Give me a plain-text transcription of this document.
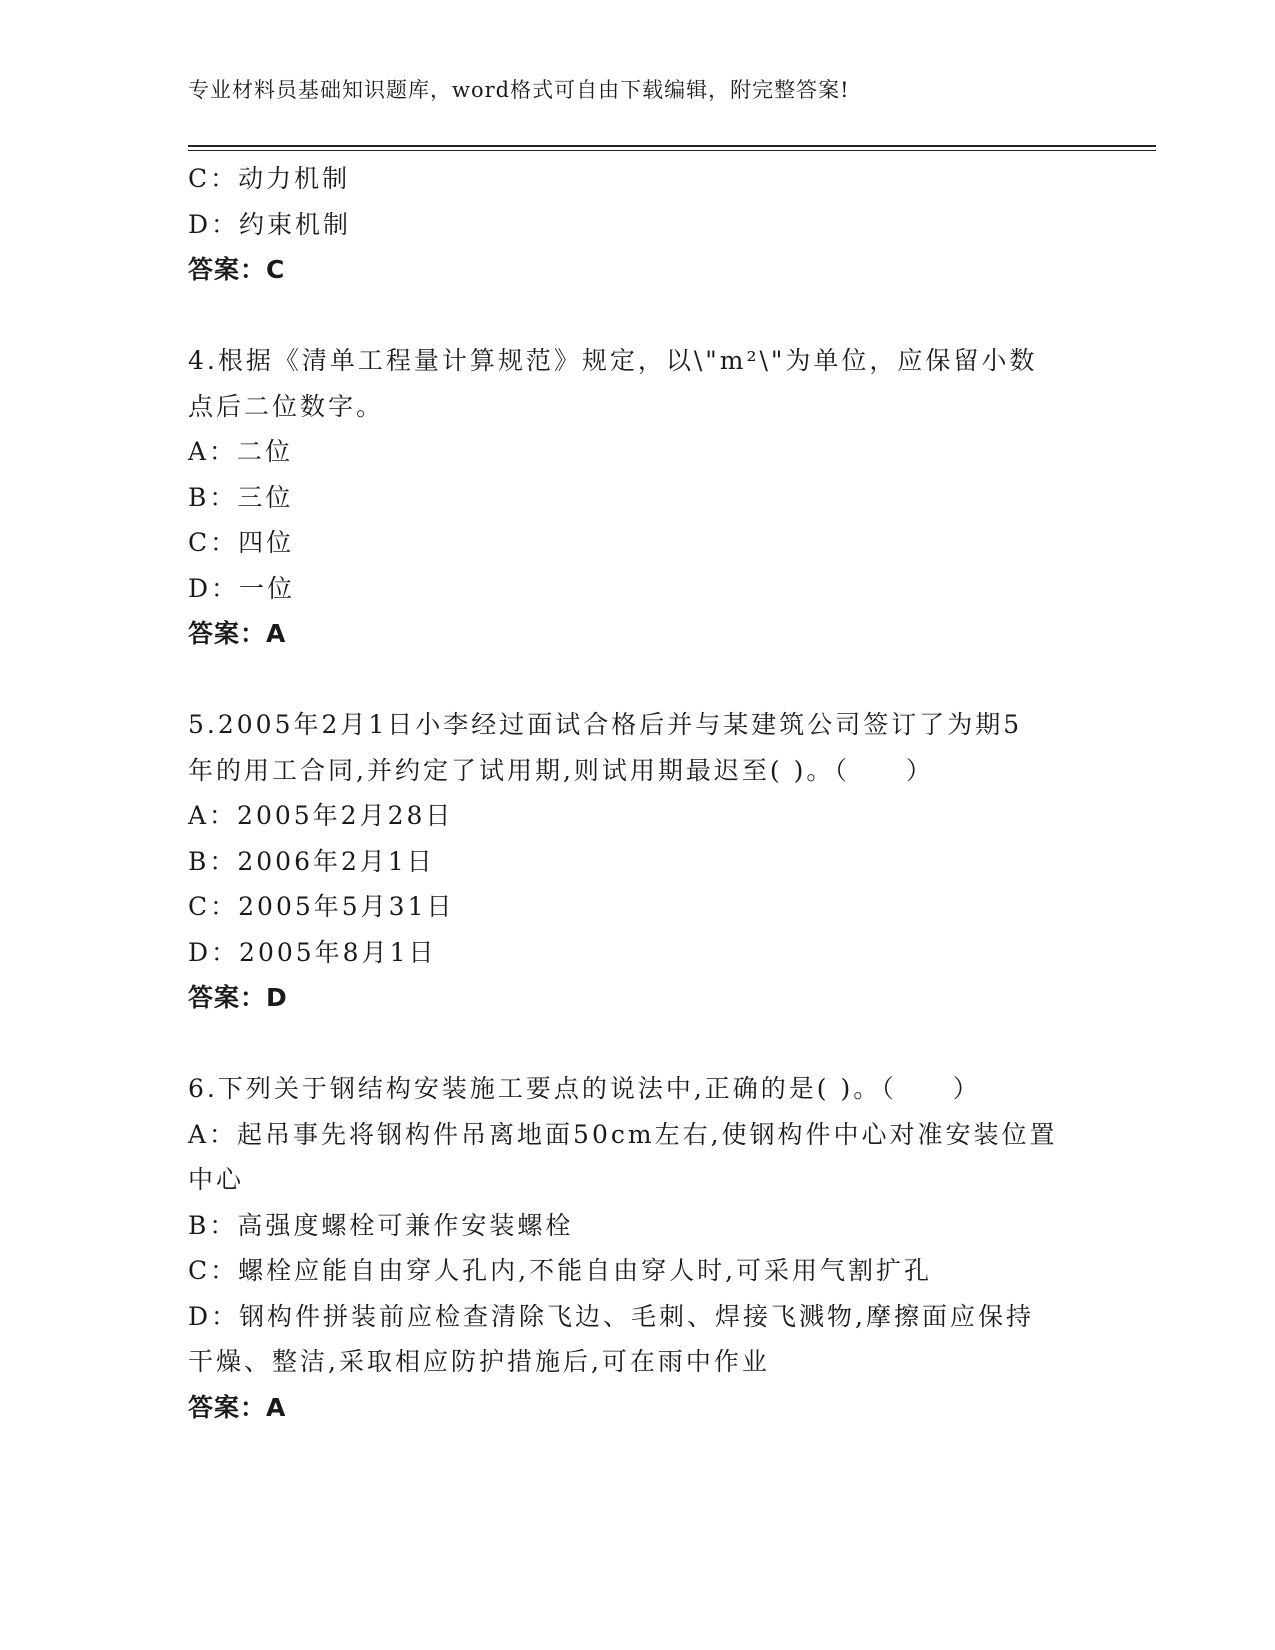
专业材料员基础知识题库，word格式可自由下载编辑，附完整答案!
C：动力机制
D：约束机制
答案：C
4.根据《清单工程量计算规范》规定，以\"m²\"为单位，应保留小数
点后二位数字。
A：二位
B：三位
C：四位
D：一位
答案：A
5.2005年2月1日小李经过面试合格后并与某建筑公司签订了为期5
年的用工合同,并约定了试用期,则试用期最迟至( )。（　　）
A：2005年2月28日
B：2006年2月1日
C：2005年5月31日
D：2005年8月1日
答案：D
6.下列关于钢结构安装施工要点的说法中,正确的是( )。（　　）
A：起吊事先将钢构件吊离地面50cm左右,使钢构件中心对准安装位置
中心
B：高强度螺栓可兼作安装螺栓
C：螺栓应能自由穿人孔内,不能自由穿人时,可采用气割扩孔
D：钢构件拼装前应检查清除飞边、毛刺、焊接飞溅物,摩擦面应保持
干燥、整洁,采取相应防护措施后,可在雨中作业
答案：A
